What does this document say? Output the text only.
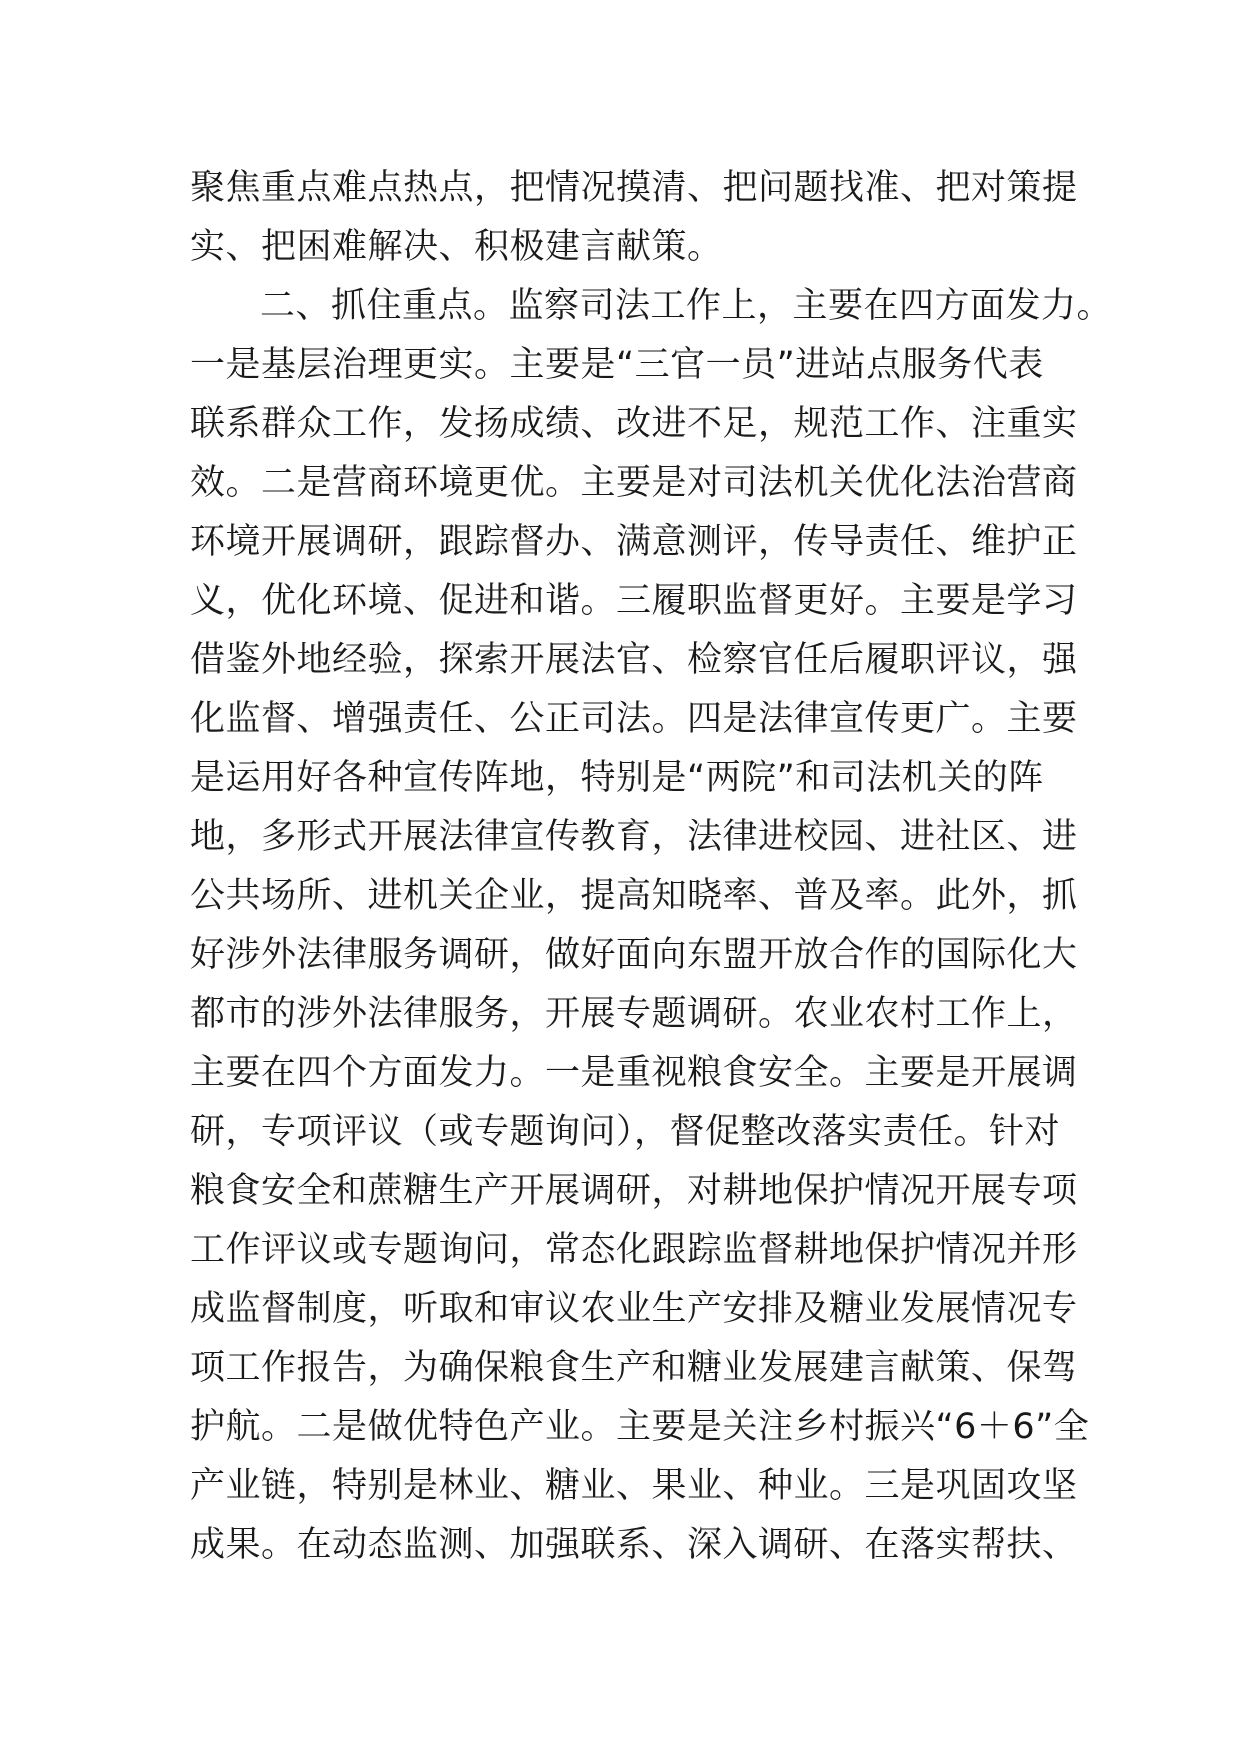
聚焦重点难点热点，把情况摸清、把问题找准、把对策提
实、把困难解决、积极建言献策。
二、抓住重点。监察司法工作上，主要在四方面发力。
一是基层治理更实。主要是“三官一员”进站点服务代表
联系群众工作，发扬成绩、改进不足，规范工作、注重实
效。二是营商环境更优。主要是对司法机关优化法治营商
环境开展调研，跟踪督办、满意测评，传导责任、维护正
义，优化环境、促进和谐。三履职监督更好。主要是学习
借鉴外地经验，探索开展法官、检察官任后履职评议，强
化监督、增强责任、公正司法。四是法律宣传更广。主要
是运用好各种宣传阵地，特别是“两院”和司法机关的阵
地，多形式开展法律宣传教育，法律进校园、进社区、进
公共场所、进机关企业，提高知晓率、普及率。此外，抓
好涉外法律服务调研，做好面向东盟开放合作的国际化大
都市的涉外法律服务，开展专题调研。农业农村工作上，
主要在四个方面发力。一是重视粮食安全。主要是开展调
研，专项评议（或专题询问），督促整改落实责任。针对
粮食安全和蔗糖生产开展调研，对耕地保护情况开展专项
工作评议或专题询问，常态化跟踪监督耕地保护情况并形
成监督制度，听取和审议农业生产安排及糖业发展情况专
项工作报告，为确保粮食生产和糖业发展建言献策、保驾
护航。二是做优特色产业。主要是关注乡村振兴“6＋6”全
产业链，特别是林业、糖业、果业、种业。三是巩固攻坚
成果。在动态监测、加强联系、深入调研、在落实帮扶、
